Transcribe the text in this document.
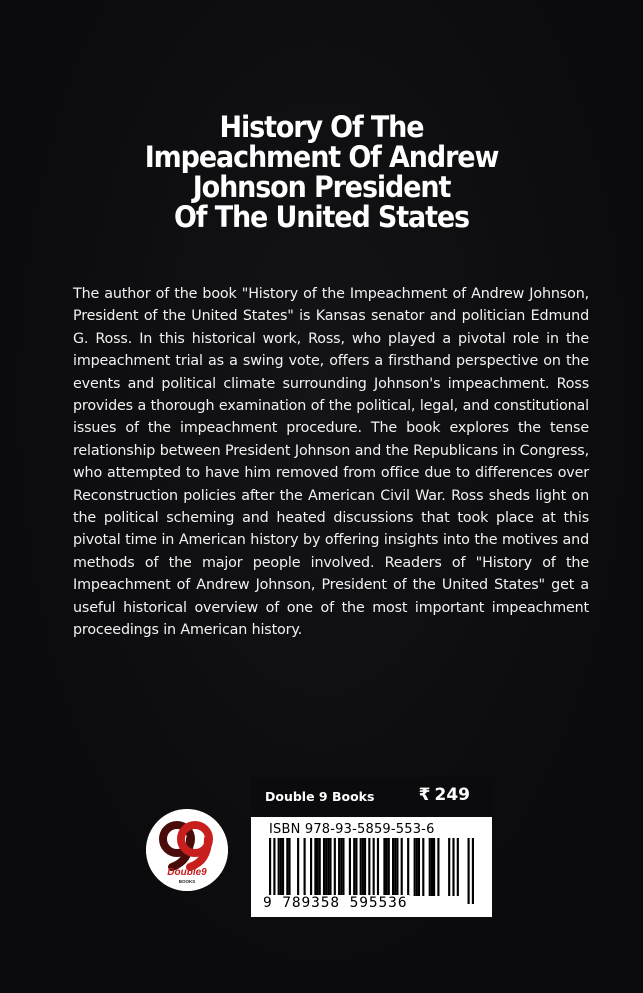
History Of The
Impeachment Of Andrew
Johnson President
Of The United States

The author of the book "History of the Impeachment of Andrew Johnson, President of the United States" is Kansas senator and politician Edmund G. Ross. In this historical work, Ross, who played a pivotal role in the impeachment trial as a swing vote, offers a firsthand perspective on the events and political climate surrounding Johnson's impeachment. Ross provides a thorough examination of the political, legal, and constitutional issues of the impeachment procedure. The book explores the tense relationship between President Johnson and the Republicans in Congress, who attempted to have him removed from office due to differences over Reconstruction policies after the American Civil War. Ross sheds light on the political scheming and heated discussions that took place at this pivotal time in American history by offering insights into the motives and methods of the major people involved. Readers of "History of the Impeachment of Andrew Johnson, President of the United States" get a useful historical overview of one of the most important impeachment proceedings in American history.

Double9
BOOKS
Double 9 Books	₹ 249
ISBN 978-93-5859-553-6
9 789358 595536
